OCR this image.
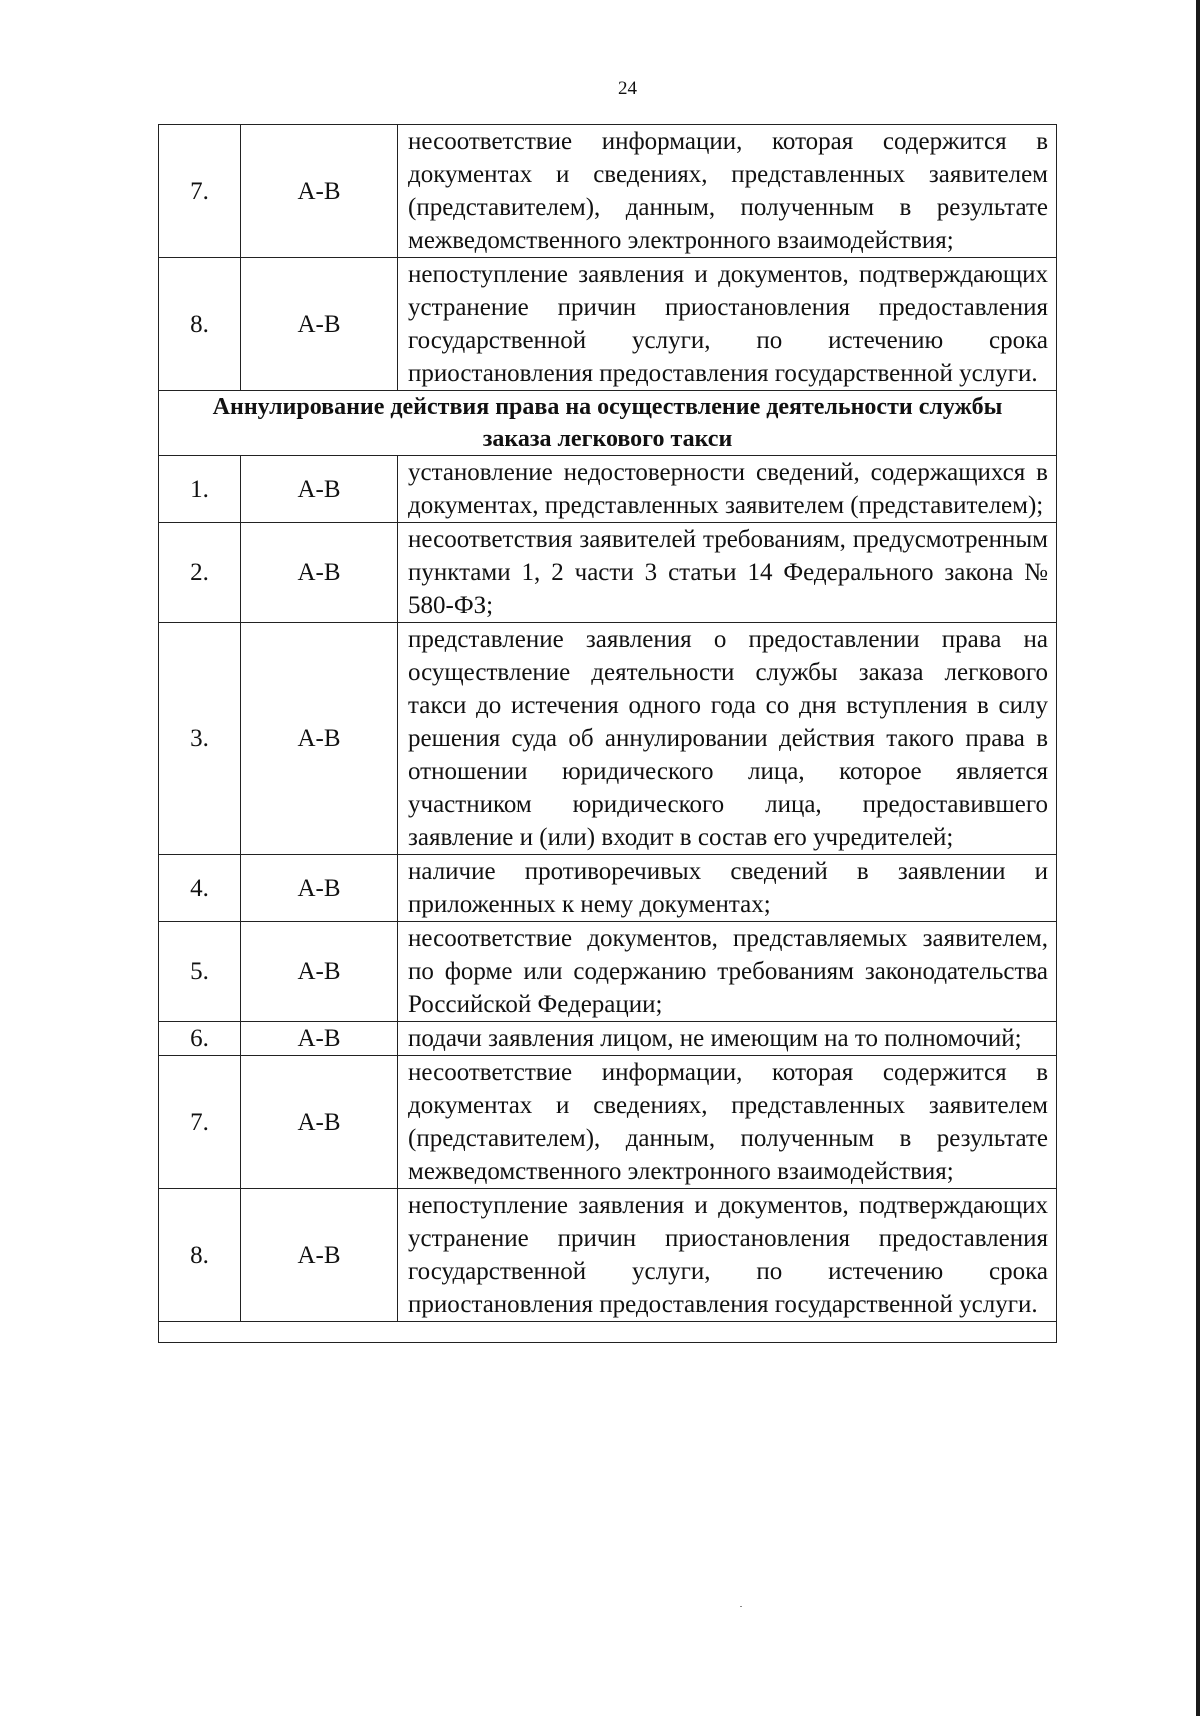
24
7.	А-В	несоответствие информации, которая содержится в документах и сведениях, представленных заявителем (представителем), данным, полученным в результате межведомственного электронного взаимодействия;
8.	А-В	непоступление заявления и документов, подтверждающих устранение причин приостановления предоставления государственной услуги, по истечению срока приостановления предоставления государственной услуги.
Аннулирование действия права на осуществление деятельности службы заказа легкового такси		
1.	А-В	установление недостоверности сведений, содержащихся в документах, представленных заявителем (представителем);
2.	А-В	несоответствия заявителей требованиям, предусмотренным пунктами 1, 2 части 3 статьи 14 Федерального закона № 580-ФЗ;
3.	А-В	представление заявления о предоставлении права на осуществление деятельности службы заказа легкового такси до истечения одного года со дня вступления в силу решения суда об аннулировании действия такого права в отношении юридического лица, которое является участником юридического лица, предоставившего заявление и (или) входит в состав его учредителей;
4.	А-В	наличие противоречивых сведений в заявлении и приложенных к нему документах;
5.	А-В	несоответствие документов, представляемых заявителем, по форме или содержанию требованиям законодательства Российской Федерации;
6.	А-В	подачи заявления лицом, не имеющим на то полномочий;
7.	А-В	несоответствие информации, которая содержится в документах и сведениях, представленных заявителем (представителем), данным, полученным в результате межведомственного электронного взаимодействия;
8.	А-В	непоступление заявления и документов, подтверждающих устранение причин приостановления предоставления государственной услуги, по истечению срока приостановления предоставления государственной услуги.
